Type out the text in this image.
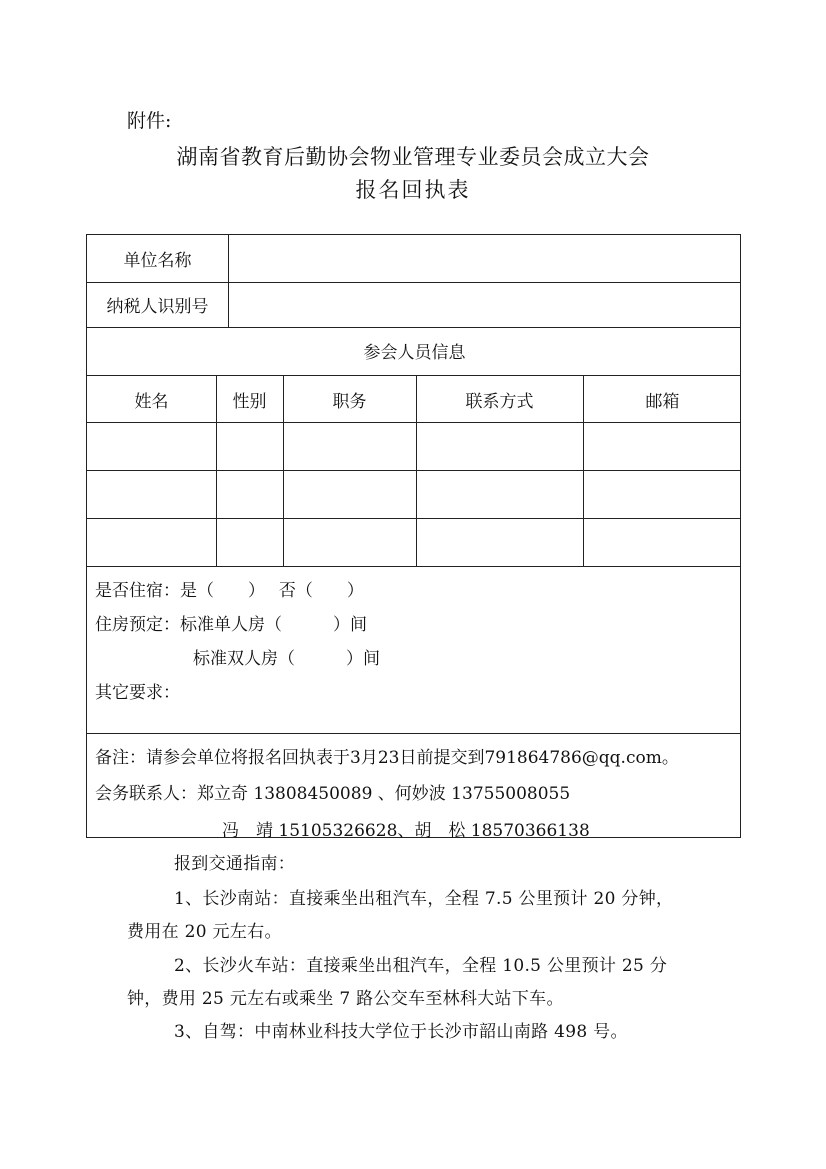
附件:
湖南省教育后勤协会物业管理专业委员会成立大会
报名回执表
单位名称
纳税人识别号
参会人员信息
姓名	性别	职务	联系方式	邮箱
是否住宿：是（　　）　 否（　　）
住房预定：标准单人房（　　　）间
标准双人房（　　　）间
其它要求：
备注：请参会单位将报名回执表于3月23日前提交到791864786@qq.com。
会务联系人：郑立奇 13808450089 、何妙波 13755008055
冯　靖 15105326628、胡　松 18570366138
报到交通指南：
1、长沙南站：直接乘坐出租汽车，全程 7.5 公里预计 20 分钟，
费用在 20 元左右。
2、长沙火车站：直接乘坐出租汽车，全程 10.5 公里预计 25 分
钟，费用 25 元左右或乘坐 7 路公交车至林科大站下车。
3、自驾：中南林业科技大学位于长沙市韶山南路 498 号。
